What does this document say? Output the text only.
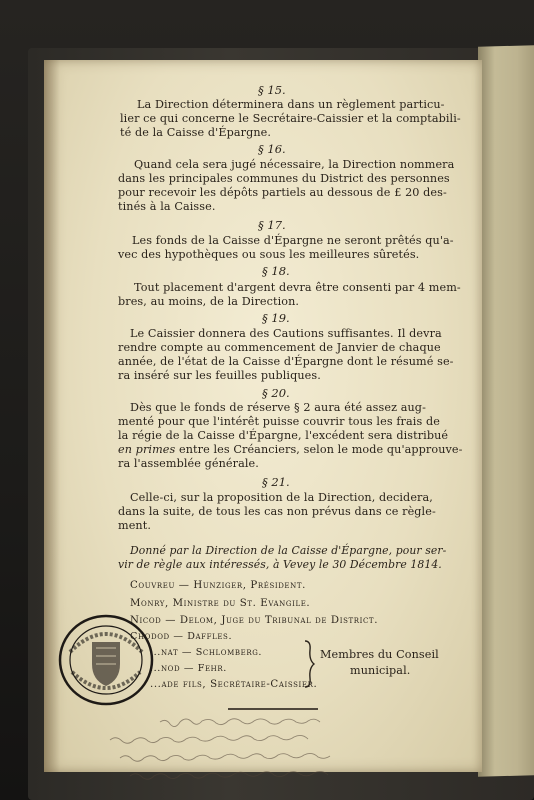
§ 15.
La Direction déterminera dans un règlement particu-
lier ce qui concerne le Secrétaire-Caissier et la comptabili-
té de la Caisse d'Épargne.
§ 16.
Quand cela sera jugé nécessaire, la Direction nommera
dans les principales communes du District des personnes
pour recevoir les dépôts partiels au dessous de £ 20 des-
tinés à la Caisse.
§ 17.
Les fonds de la Caisse d'Épargne ne seront prêtés qu'a-
vec des hypothèques ou sous les meilleures sûretés.
§ 18.
Tout placement d'argent devra être consenti par 4 mem-
bres, au moins, de la Direction.
§ 19.
Le Caissier donnera des Cautions suffisantes. Il devra
rendre compte au commencement de Janvier de chaque
année, de l'état de la Caisse d'Épargne dont le résumé se-
ra inséré sur les feuilles publiques.
§ 20.
Dès que le fonds de réserve § 2 aura été assez aug-
menté pour que l'intérêt puisse couvrir tous les frais de
la régie de la Caisse d'Épargne, l'excédent sera distribué
en primes entre les Créanciers, selon le mode qu'approuve-
ra l'assemblée générale.
§ 21.
Celle-ci, sur la proposition de la Direction, decidera,
dans la suite, de tous les cas non prévus dans ce règle-
ment.
Donné par la Direction de la Caisse d'Épargne, pour ser-
vir de règle aux intéressés, à Vevey le 30 Décembre 1814.
Couvreu — Hunziger, Président.
Monry, Ministre du St. Evangile.
Nicod — Delom, Juge du Tribunal de District.
Chodod — Daffles.
...nat — Schlomberg.
...nod — Fehr.
...ade fils, Secrétaire-Caissier.
Membres du Conseil
municipal.
